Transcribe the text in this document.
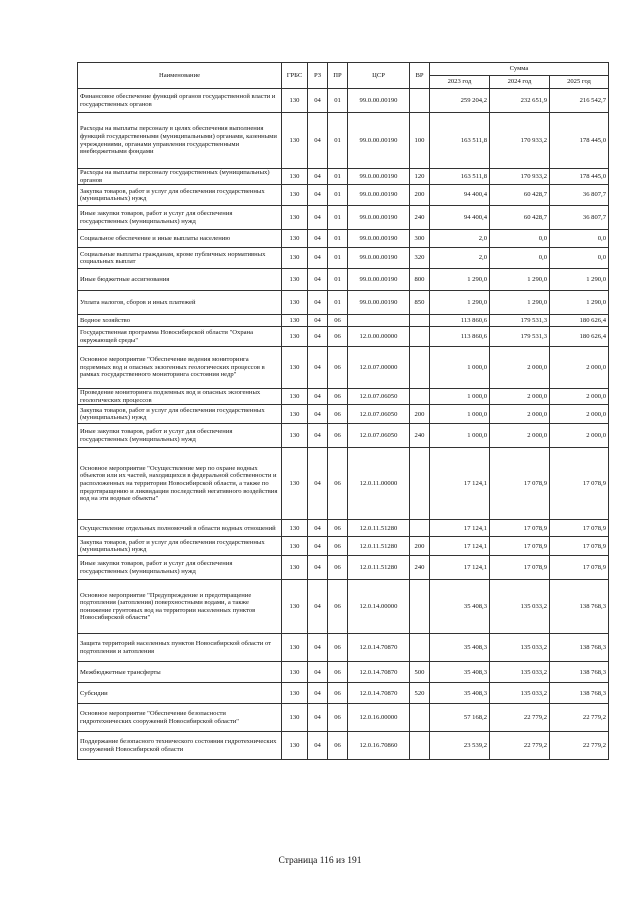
Наименование	ГРБС	РЗ	ПР	ЦСР	ВР	Сумма		
						2023 год	2024 год	2025 год
Финансовое обеспечение функций органов государственной власти и государственных органов	130	04	01	99.0.00.00190		259 204,2	232 651,9	216 542,7
Расходы на выплаты персоналу в целях обеспечения выполнения функций государственными (муниципальными) органами, казенными учреждениями, органами управления государственными внебюджетными фондами	130	04	01	99.0.00.00190	100	163 511,8	170 933,2	178 445,0
Расходы на выплаты персоналу государственных (муниципальных) органов	130	04	01	99.0.00.00190	120	163 511,8	170 933,2	178 445,0
Закупка товаров, работ и услуг для обеспечения государственных (муниципальных) нужд	130	04	01	99.0.00.00190	200	94 400,4	60 428,7	36 807,7
Иные закупки товаров, работ и услуг для обеспечения государственных (муниципальных) нужд	130	04	01	99.0.00.00190	240	94 400,4	60 428,7	36 807,7
Социальное обеспечение и иные выплаты населению	130	04	01	99.0.00.00190	300	2,0	0,0	0,0
Социальные выплаты гражданам, кроме публичных нормативных социальных выплат	130	04	01	99.0.00.00190	320	2,0	0,0	0,0
Иные бюджетные ассигнования	130	04	01	99.0.00.00190	800	1 290,0	1 290,0	1 290,0
Уплата налогов, сборов и иных платежей	130	04	01	99.0.00.00190	850	1 290,0	1 290,0	1 290,0
Водное хозяйство	130	04	06			113 860,6	179 531,3	180 626,4
Государственная программа Новосибирской области "Охрана окружающей среды"	130	04	06	12.0.00.00000		113 860,6	179 531,3	180 626,4
Основное мероприятие "Обеспечение ведения мониторинга подземных вод и опасных экзогенных геологических процессов в рамках государственного мониторинга состояния недр"	130	04	06	12.0.07.00000		1 000,0	2 000,0	2 000,0
Проведение мониторинга подземных вод и опасных экзогенных геологических процессов	130	04	06	12.0.07.06050		1 000,0	2 000,0	2 000,0
Закупка товаров, работ и услуг для обеспечения государственных (муниципальных) нужд	130	04	06	12.0.07.06050	200	1 000,0	2 000,0	2 000,0
Иные закупки товаров, работ и услуг для обеспечения государственных (муниципальных) нужд	130	04	06	12.0.07.06050	240	1 000,0	2 000,0	2 000,0
Основное мероприятие "Осуществление мер по охране водных объектов или их частей, находящихся в федеральной собственности и расположенных на территории Новосибирской области, а также по предотвращению и ликвидации последствий негативного воздействия вод на эти водные объекты"	130	04	06	12.0.11.00000		17 124,1	17 078,9	17 078,9
Осуществление отдельных полномочий в области водных отношений	130	04	06	12.0.11.51280		17 124,1	17 078,9	17 078,9
Закупка товаров, работ и услуг для обеспечения государственных (муниципальных) нужд	130	04	06	12.0.11.51280	200	17 124,1	17 078,9	17 078,9
Иные закупки товаров, работ и услуг для обеспечения государственных (муниципальных) нужд	130	04	06	12.0.11.51280	240	17 124,1	17 078,9	17 078,9
Основное мероприятие "Предупреждение и предотвращение подтопления (затопления) поверхностными водами, а также понижение грунтовых вод на территории населенных пунктов Новосибирской области"	130	04	06	12.0.14.00000		35 408,3	135 033,2	138 768,3
Защита территорий населенных пунктов Новосибирской области от подтопления и затопления	130	04	06	12.0.14.70870		35 408,3	135 033,2	138 768,3
Межбюджетные трансферты	130	04	06	12.0.14.70870	500	35 408,3	135 033,2	138 768,3
Субсидии	130	04	06	12.0.14.70870	520	35 408,3	135 033,2	138 768,3
Основное мероприятие "Обеспечение безопасности гидротехнических сооружений Новосибирской области"	130	04	06	12.0.16.00000		57 168,2	22 779,2	22 779,2
Поддержание безопасного технического состояния гидротехнических сооружений Новосибирской области	130	04	06	12.0.16.70860		23 539,2	22 779,2	22 779,2
Страница 116 из 191
